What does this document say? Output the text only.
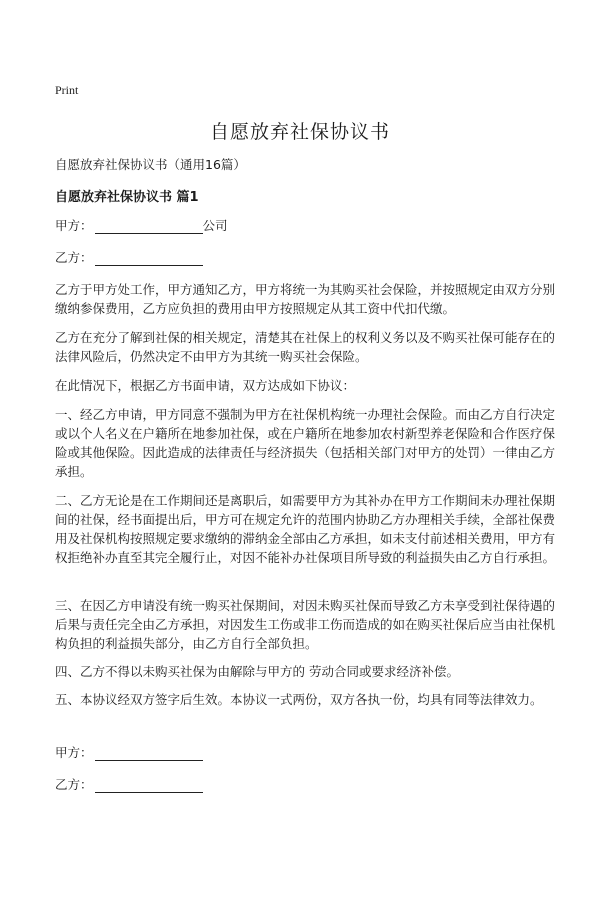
Print
自愿放弃社保协议书
自愿放弃社保协议书（通用16篇）
自愿放弃社保协议书 篇1
甲方：	公司
乙方：

乙方于甲方处工作，甲方通知乙方，甲方将统一为其购买社会保险，并按照规定由双方分别缴纳参保费用，乙方应负担的费用由甲方按照规定从其工资中代扣代缴。

乙方在充分了解到社保的相关规定，清楚其在社保上的权利义务以及不购买社保可能存在的法律风险后，仍然决定不由甲方为其统一购买社会保险。

在此情况下，根据乙方书面申请，双方达成如下协议：

一、经乙方申请，甲方同意不强制为甲方在社保机构统一办理社会保险。而由乙方自行决定或以个人名义在户籍所在地参加社保，或在户籍所在地参加农村新型养老保险和合作医疗保险或其他保险。因此造成的法律责任与经济损失（包括相关部门对甲方的处罚）一律由乙方承担。

二、乙方无论是在工作期间还是离职后，如需要甲方为其补办在甲方工作期间未办理社保期间的社保，经书面提出后，甲方可在规定允许的范围内协助乙方办理相关手续，全部社保费用及社保机构按照规定要求缴纳的滞纳金全部由乙方承担，如未支付前述相关费用，甲方有权拒绝补办直至其完全履行止，对因不能补办社保项目所导致的利益损失由乙方自行承担。

三、在因乙方申请没有统一购买社保期间，对因未购买社保而导致乙方未享受到社保待遇的后果与责任完全由乙方承担，对因发生工伤或非工伤而造成的如在购买社保后应当由社保机构负担的利益损失部分，由乙方自行全部负担。

四、乙方不得以未购买社保为由解除与甲方的 劳动合同或要求经济补偿。

五、本协议经双方签字后生效。本协议一式两份，双方各执一份，均具有同等法律效力。

甲方：
乙方：
